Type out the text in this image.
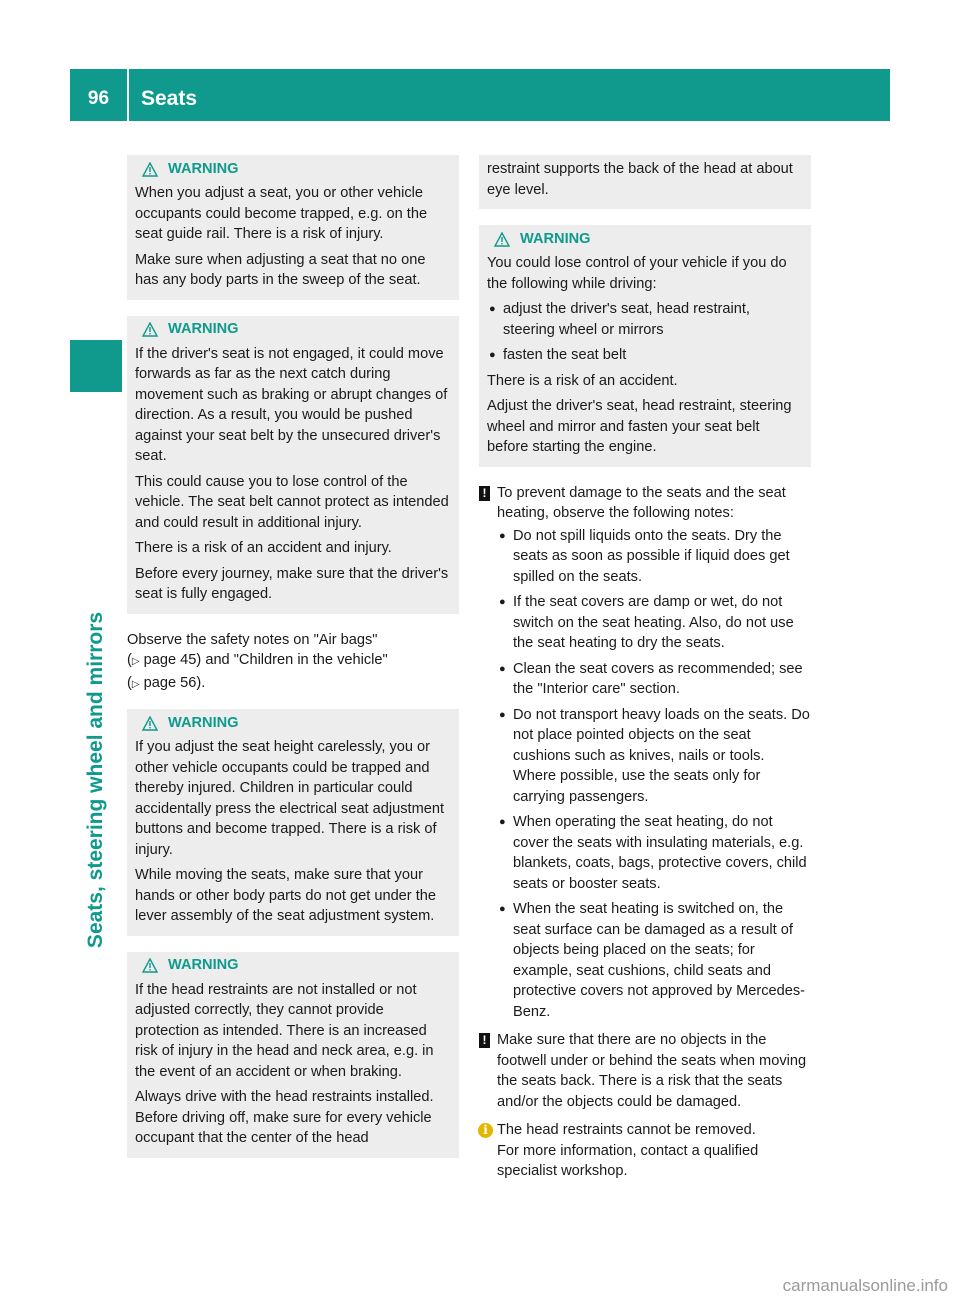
96	Seats
Seats, steering wheel and mirrors
WARNING

When you adjust a seat, you or other vehicle occupants could become trapped, e.g. on the seat guide rail. There is a risk of injury.

Make sure when adjusting a seat that no one has any body parts in the sweep of the seat.

WARNING

If the driver's seat is not engaged, it could move forwards as far as the next catch during movement such as braking or abrupt changes of direction. As a result, you would be pushed against your seat belt by the unsecured driver's seat.

This could cause you to lose control of the vehicle. The seat belt cannot protect as intended and could result in additional injury.

There is a risk of an accident and injury.

Before every journey, make sure that the driver's seat is fully engaged.

Observe the safety notes on "Air bags"
(▷ page 45) and "Children in the vehicle"
(▷ page 56).

WARNING

If you adjust the seat height carelessly, you or other vehicle occupants could be trapped and thereby injured. Children in particular could accidentally press the electrical seat adjustment buttons and become trapped. There is a risk of injury.

While moving the seats, make sure that your hands or other body parts do not get under the lever assembly of the seat adjustment system.

WARNING

If the head restraints are not installed or not adjusted correctly, they cannot provide protection as intended. There is an increased risk of injury in the head and neck area, e.g. in the event of an accident or when braking.

Always drive with the head restraints installed. Before driving off, make sure for every vehicle occupant that the center of the head

restraint supports the back of the head at about eye level.

WARNING

You could lose control of your vehicle if you do the following while driving:

● adjust the driver's seat, head restraint, steering wheel or mirrors
● fasten the seat belt

There is a risk of an accident.

Adjust the driver's seat, head restraint, steering wheel and mirror and fasten your seat belt before starting the engine.

! To prevent damage to the seats and the seat heating, observe the following notes:
● Do not spill liquids onto the seats. Dry the seats as soon as possible if liquid does get spilled on the seats.
● If the seat covers are damp or wet, do not switch on the seat heating. Also, do not use the seat heating to dry the seats.
● Clean the seat covers as recommended; see the "Interior care" section.
● Do not transport heavy loads on the seats. Do not place pointed objects on the seat cushions such as knives, nails or tools. Where possible, use the seats only for carrying passengers.
● When operating the seat heating, do not cover the seats with insulating materials, e.g. blankets, coats, bags, protective covers, child seats or booster seats.
● When the seat heating is switched on, the seat surface can be damaged as a result of objects being placed on the seats; for example, seat cushions, child seats and protective covers not approved by Mercedes-Benz.
! Make sure that there are no objects in the footwell under or behind the seats when moving the seats back. There is a risk that the seats and/or the objects could be damaged.
i The head restraints cannot be removed.
For more information, contact a qualified specialist workshop.
carmanualsonline.info
